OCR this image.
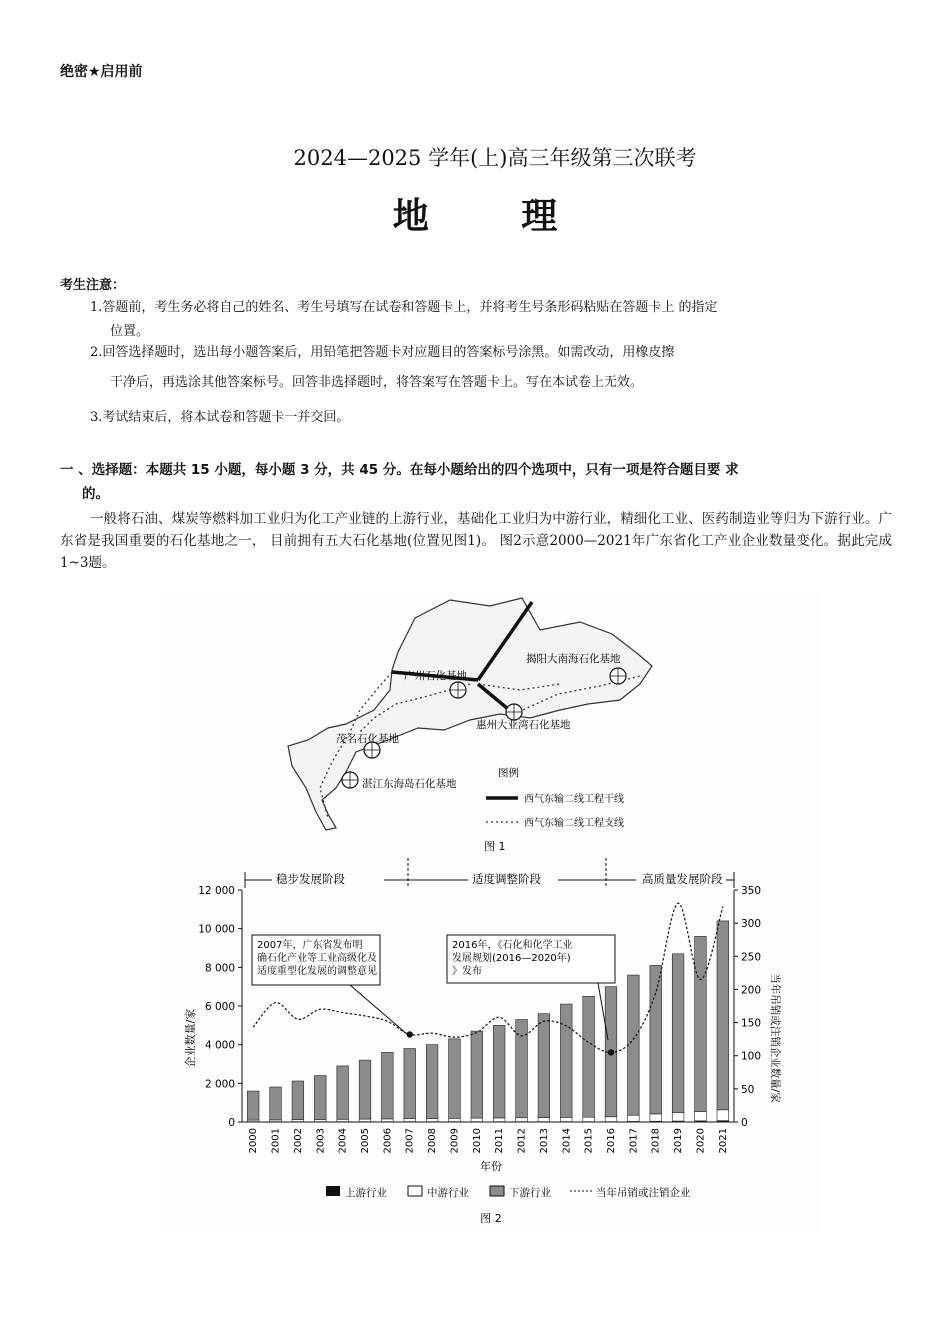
绝密★启用前
2024—2025 学年(上)高三年级第三次联考
地 理
考生注意：
1.答题前，考生务必将自己的姓名、考生号填写在试卷和答题卡上，并将考生号条形码粘贴在答题卡上 的指定
位置。
2.回答选择题时，选出每小题答案后，用铅笔把答题卡对应题目的答案标号涂黑。如需改动，用橡皮擦
干净后，再选涂其他答案标号。回答非选择题时，将答案写在答题卡上。写在本试卷上无效。
3.考试结束后，将本试卷和答题卡一并交回。
一 、选择题：本题共 15 小题，每小题 3 分，共 45 分。在每小题给出的四个选项中，只有一项是符合题目要 求
的。
一般将石油、煤炭等燃料加工业归为化工产业链的上游行业，基础化工业归为中游行业，精细化工业、医药制造业等归为下游行业。广东省是我国重要的石化基地之一， 目前拥有五大石化基地(位置见图1)。 图2示意2000—2021年广东省化工产业企业数量变化。据此完成1~3题。
广州石化基地
揭阳大南海石化基地
惠州大亚湾石化基地
茂名石化基地
湛江东海岛石化基地
图例
西气东输二线工程干线
西气东输二线工程支线
图 1
稳步发展阶段	适度调整阶段	高质量发展阶段
0
2 000
4 000
6 000
8 000
10 000
12 000
0
50
100
150
200
250
300
350
2000 2001 2002 2003 2004 2005 2006 2007 2008 2009 2010 2011 2012 2013 2014 2015 2016 2017 2018 2019 2020 2021
2007年，广东省发布明确石化产业等工业高级化及适度重型化发展的调整意见
2016年，《石化和化学工业发展规划(2016—2020年)》发布
企业数量/家	当年吊销或注销企业数量/家
年份
上游行业	中游行业	下游行业	当年吊销或注销企业
图 2
